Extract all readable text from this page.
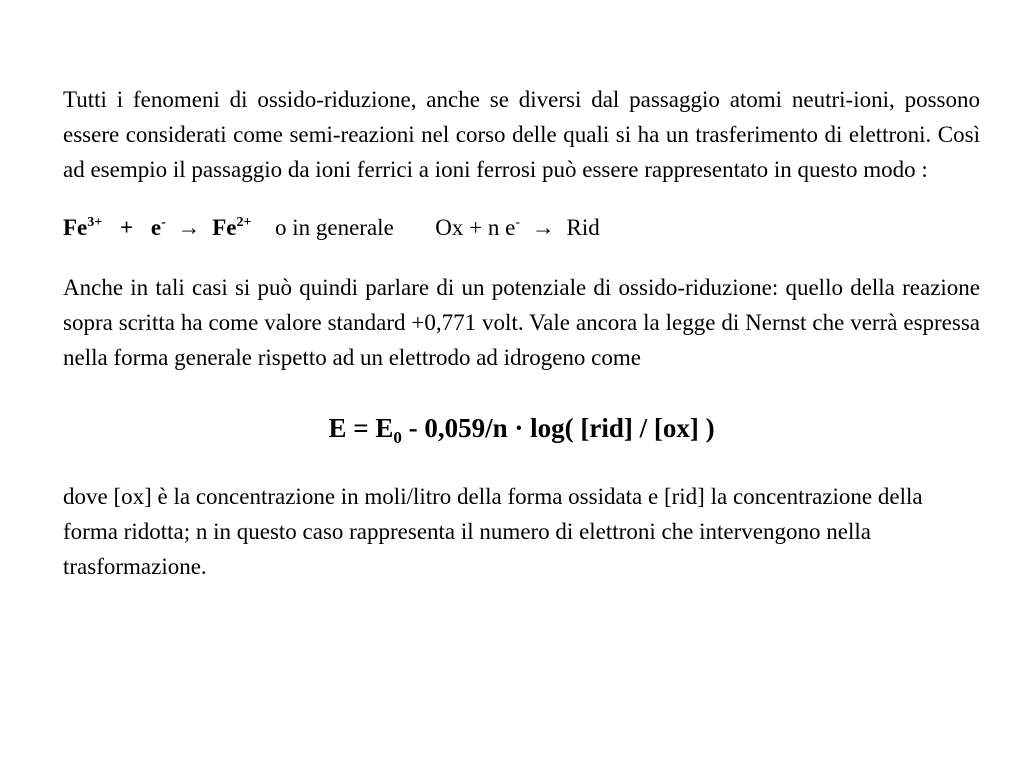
Tutti i fenomeni di ossido-riduzione, anche se diversi dal passaggio atomi neutri-ioni, possono essere considerati come semi-reazioni nel corso delle quali si ha un trasferimento di elettroni. Così ad esempio il passaggio da ioni ferrici a ioni ferrosi può essere rappresentato in questo modo :

$Fe^{3+} + e^- \to Fe^{2+}$ o in generale Ox + n e- → Rid

Anche in tali casi si può quindi parlare di un potenziale di ossido-riduzione: quello della reazione sopra scritta ha come valore standard +0,771 volt. Vale ancora la legge di Nernst che verrà espressa nella forma generale rispetto ad un elettrodo ad idrogeno come

$E = E_0 - 0,059/n \cdot \log$( [rid] / [ox] )

dove [ox] è la concentrazione in moli/litro della forma ossidata e [rid] la concentrazione della forma ridotta; n in questo caso rappresenta il numero di elettroni che intervengono nella trasformazione.
